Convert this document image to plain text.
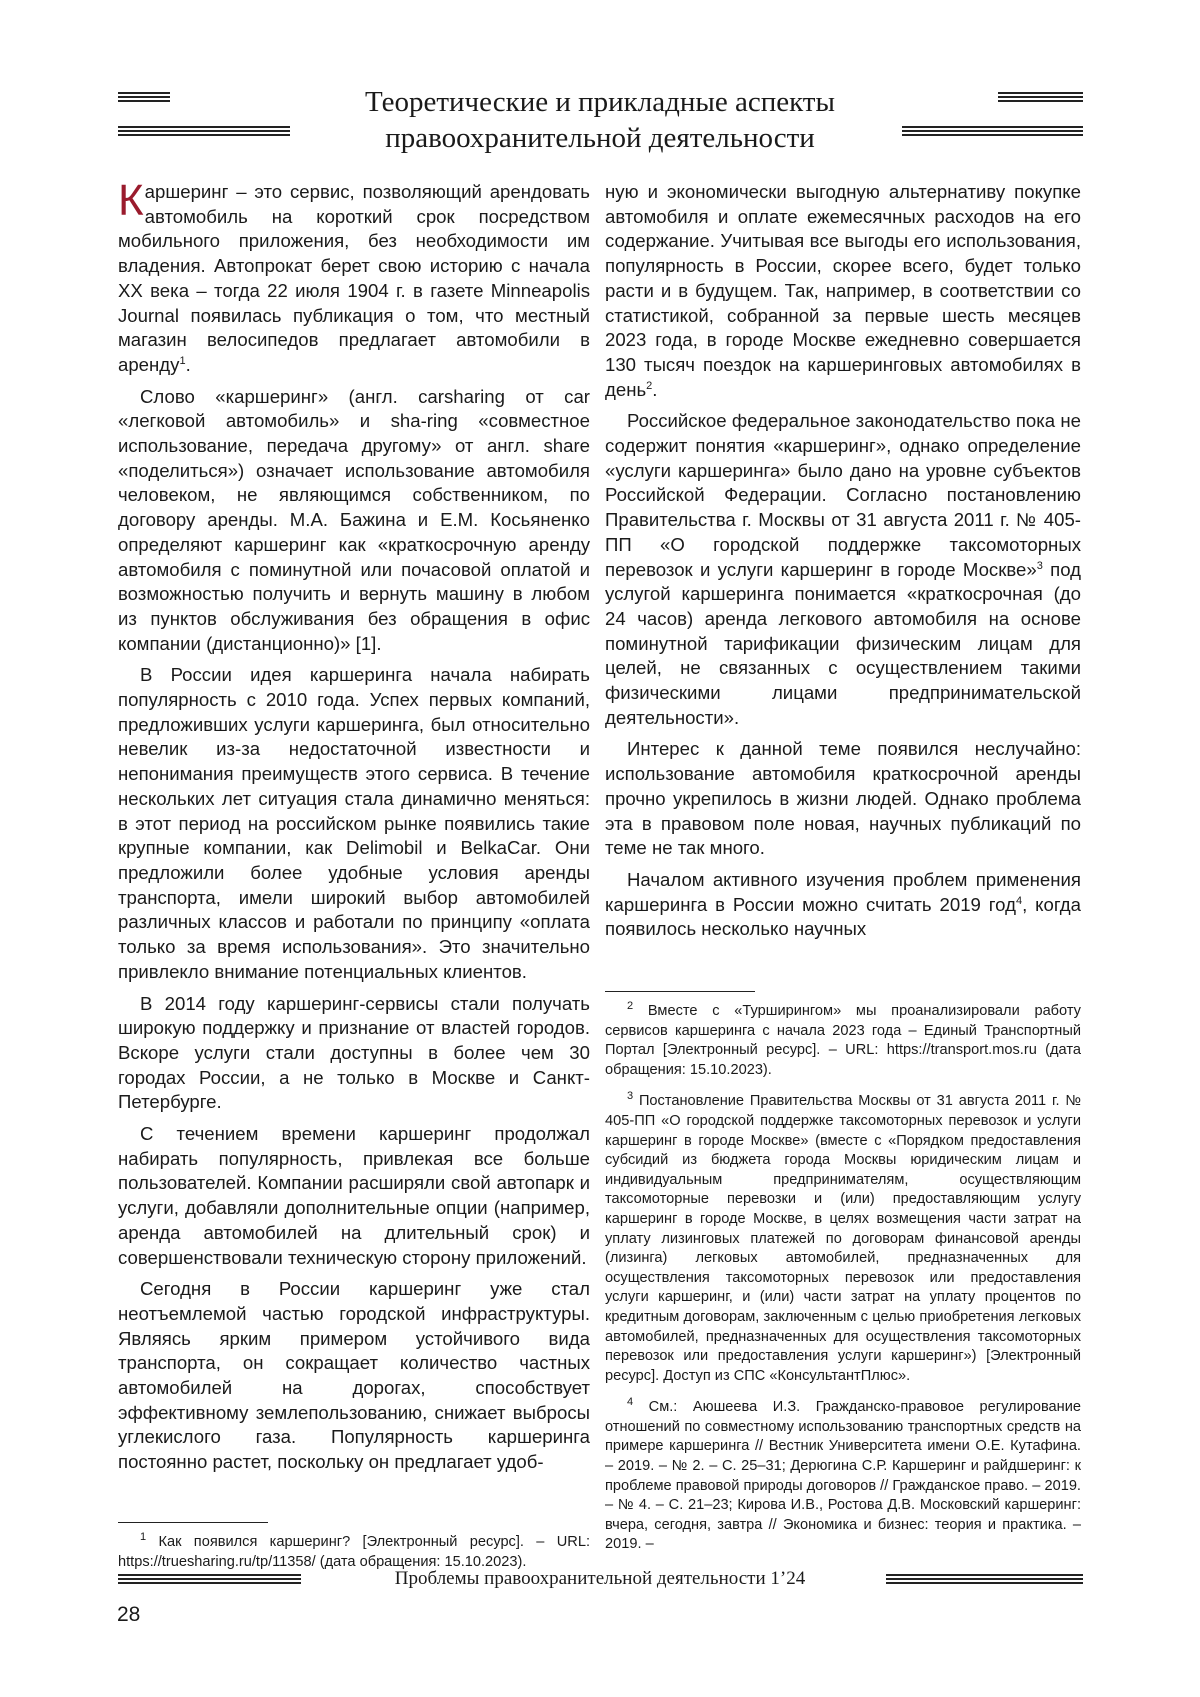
Теоретические и прикладные аспекты
правоохранительной деятельности

Каршеринг – это сервис, позволяющий арендовать автомобиль на короткий срок посредством мобильного приложения, без необходимости им владения. Автопрокат берет свою историю с начала XX века – тогда 22 июля 1904 г. в газете Minneapolis Journal появилась публикация о том, что местный магазин велосипедов предлагает автомобили в аренду$^1$.

Слово «каршеринг» (англ. carsharing от car «легковой автомобиль» и sha-ring «совместное использование, передача другому» от англ. share «поделиться») означает использование автомобиля человеком, не являющимся собственником, по договору аренды. М.А. Бажина и Е.М. Косьяненко определяют каршеринг как «краткосрочную аренду автомобиля с поминутной или почасовой оплатой и возможностью получить и вернуть машину в любом из пунктов обслуживания без обращения в офис компании (дистанционно)» [1].

В России идея каршеринга начала набирать популярность с 2010 года. Успех первых компаний, предложивших услуги каршеринга, был относительно невелик из-за недостаточной известности и непонимания преимуществ этого сервиса. В течение нескольких лет ситуация стала динамично меняться: в этот период на российском рынке появились такие крупные компании, как Delimobil и BelkaCar. Они предложили более удобные условия аренды транспорта, имели широкий выбор автомобилей различных классов и работали по принципу «оплата только за время использования». Это значительно привлекло внимание потенциальных клиентов.

В 2014 году каршеринг-сервисы стали получать широкую поддержку и признание от властей городов. Вскоре услуги стали доступны в более чем 30 городах России, а не только в Москве и Санкт-Петербурге.

С течением времени каршеринг продолжал набирать популярность, привлекая все больше пользователей. Компании расширяли свой автопарк и услуги, добавляли дополнительные опции (например, аренда автомобилей на длительный срок) и совершенствовали техническую сторону приложений.

Сегодня в России каршеринг уже стал неотъемлемой частью городской инфраструктуры. Являясь ярким примером устойчивого вида транспорта, он сокращает количество частных автомобилей на дорогах, способствует эффективному землепользованию, снижает выбросы углекислого газа. Популярность каршеринга постоянно растет, поскольку он предлагает удоб-

ную и экономически выгодную альтернативу покупке автомобиля и оплате ежемесячных расходов на его содержание. Учитывая все выгоды его использования, популярность в России, скорее всего, будет только расти и в будущем. Так, например, в соответствии со статистикой, собранной за первые шесть месяцев 2023 года, в городе Москве ежедневно совершается 130 тысяч поездок на каршеринговых автомобилях в день$^2$.

Российское федеральное законодательство пока не содержит понятия «каршеринг», однако определение «услуги каршеринга» было дано на уровне субъектов Российской Федерации. Согласно постановлению Правительства г. Москвы от 31 августа 2011 г. № 405-ПП «О городской поддержке таксомоторных перевозок и услуги каршеринг в городе Москве»$^3$ под услугой каршеринга понимается «краткосрочная (до 24 часов) аренда легкового автомобиля на основе поминутной тарификации физическим лицам для целей, не связанных с осуществлением такими физическими лицами предпринимательской деятельности».

Интерес к данной теме появился неслучайно: использование автомобиля краткосрочной аренды прочно укрепилось в жизни людей. Однако проблема эта в правовом поле новая, научных публикаций по теме не так много.

Началом активного изучения проблем применения каршеринга в России можно считать 2019 год$^4$, когда появилось несколько научных

$^1$ Как появился каршеринг? [Электронный ресурс]. – URL: https://truesharing.ru/tp/11358/ (дата обращения: 15.10.2023).

$^2$ Вместе с «Турширингом» мы проанализировали работу сервисов каршеринга с начала 2023 года – Единый Транспортный Портал [Электронный ресурс]. – URL: https://transport.mos.ru (дата обращения: 15.10.2023).

$^3$ Постановление Правительства Москвы от 31 августа 2011 г. № 405-ПП «О городской поддержке таксомоторных перевозок и услуги каршеринг в городе Москве» (вместе с «Порядком предоставления субсидий из бюджета города Москвы юридическим лицам и индивидуальным предпринимателям, осуществляющим таксомоторные перевозки и (или) предоставляющим услугу каршеринг в городе Москве, в целях возмещения части затрат на уплату лизинговых платежей по договорам финансовой аренды (лизинга) легковых автомобилей, предназначенных для осуществления таксомоторных перевозок или предоставления услуги каршеринг, и (или) части затрат на уплату процентов по кредитным договорам, заключенным с целью приобретения легковых автомобилей, предназначенных для осуществления таксомоторных перевозок или предоставления услуги каршеринг») [Электронный ресурс]. Доступ из СПС «КонсультантПлюс».

$^4$ См.: Аюшеева И.З. Гражданско-правовое регулирование отношений по совместному использованию транспортных средств на примере каршеринга // Вестник Университета имени О.Е. Кутафина. – 2019. – № 2. – С. 25–31; Дерюгина С.Р. Каршеринг и райдшеринг: к проблеме правовой природы договоров // Гражданское право. – 2019. – № 4. – С. 21–23; Кирова И.В., Ростова Д.В. Московский каршеринг: вчера, сегодня, завтра // Экономика и бизнес: теория и практика. – 2019. –

Проблемы правоохранительной деятельности 1’24
28
